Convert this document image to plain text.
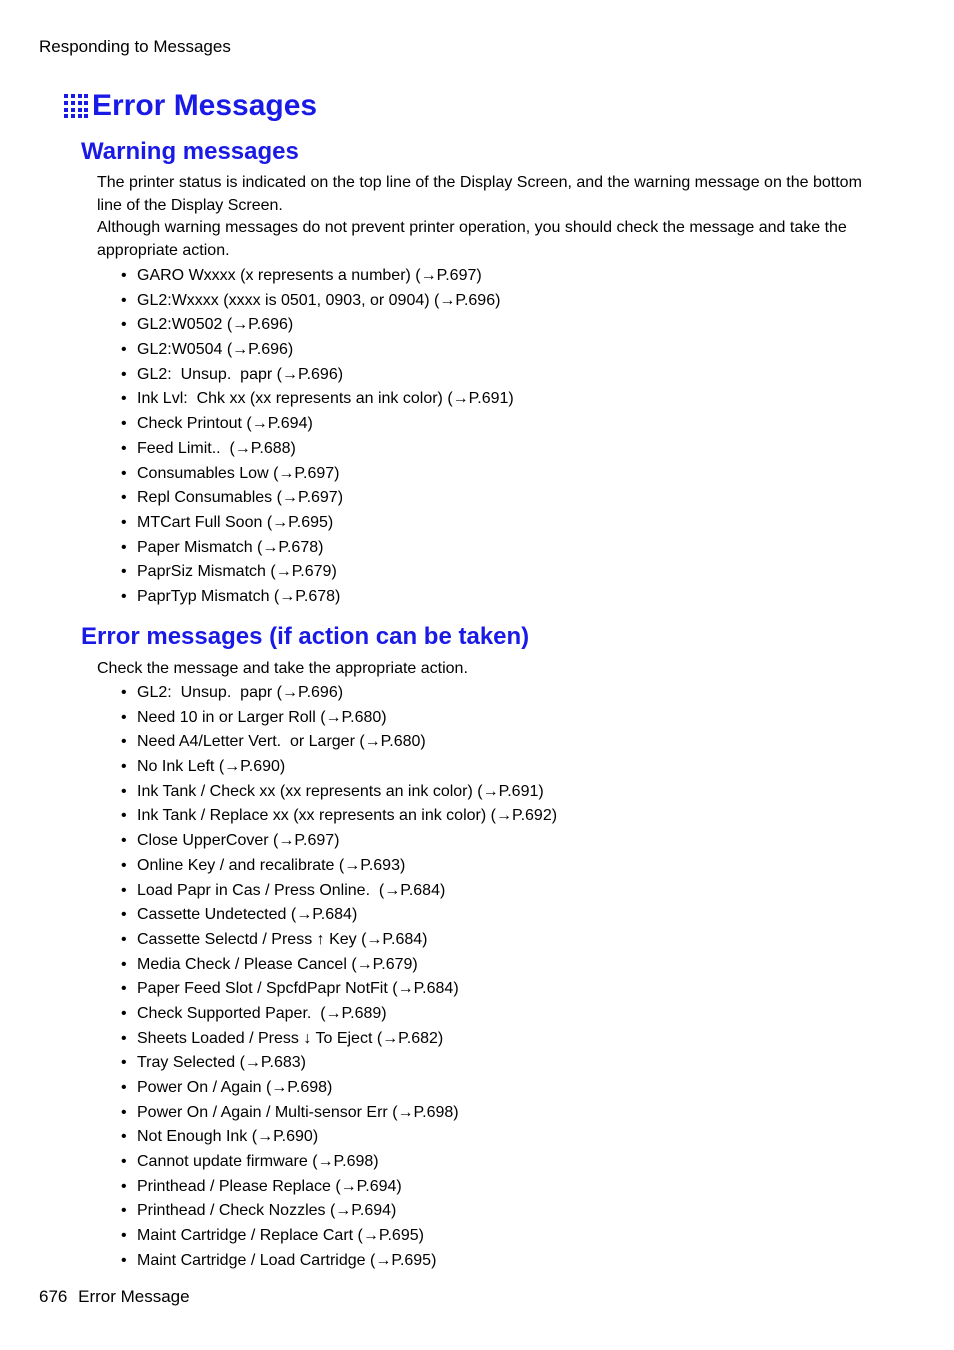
Responding to Messages
Error Messages
Warning messages

The printer status is indicated on the top line of the Display Screen, and the warning message on the bottom line of the Display Screen.

Although warning messages do not prevent printer operation, you should check the message and take the appropriate action.

• GARO Wxxxx (x represents a number) (→P.697)
• GL2:Wxxxx (xxxx is 0501, 0903, or 0904) (→P.696)
• GL2:W0502 (→P.696)
• GL2:W0504 (→P.696)
• GL2:  Unsup.  papr (→P.696)
• Ink Lvl:  Chk xx (xx represents an ink color) (→P.691)
• Check Printout (→P.694)
• Feed Limit..  (→P.688)
• Consumables Low (→P.697)
• Repl Consumables (→P.697)
• MTCart Full Soon (→P.695)
• Paper Mismatch (→P.678)
• PaprSiz Mismatch (→P.679)
• PaprTyp Mismatch (→P.678)
Error messages (if action can be taken)

Check the message and take the appropriate action.

• GL2:  Unsup.  papr (→P.696)
• Need 10 in or Larger Roll (→P.680)
• Need A4/Letter Vert.  or Larger (→P.680)
• No Ink Left (→P.690)
• Ink Tank / Check xx (xx represents an ink color) (→P.691)
• Ink Tank / Replace xx (xx represents an ink color) (→P.692)
• Close UpperCover (→P.697)
• Online Key / and recalibrate (→P.693)
• Load Papr in Cas / Press Online.  (→P.684)
• Cassette Undetected (→P.684)
• Cassette Selectd / Press ↑ Key (→P.684)
• Media Check / Please Cancel (→P.679)
• Paper Feed Slot / SpcfdPapr NotFit (→P.684)
• Check Supported Paper.  (→P.689)
• Sheets Loaded / Press ↓ To Eject (→P.682)
• Tray Selected (→P.683)
• Power On / Again (→P.698)
• Power On / Again / Multi-sensor Err (→P.698)
• Not Enough Ink (→P.690)
• Cannot update firmware (→P.698)
• Printhead / Please Replace (→P.694)
• Printhead / Check Nozzles (→P.694)
• Maint Cartridge / Replace Cart (→P.695)
• Maint Cartridge / Load Cartridge (→P.695)
676 Error Message
